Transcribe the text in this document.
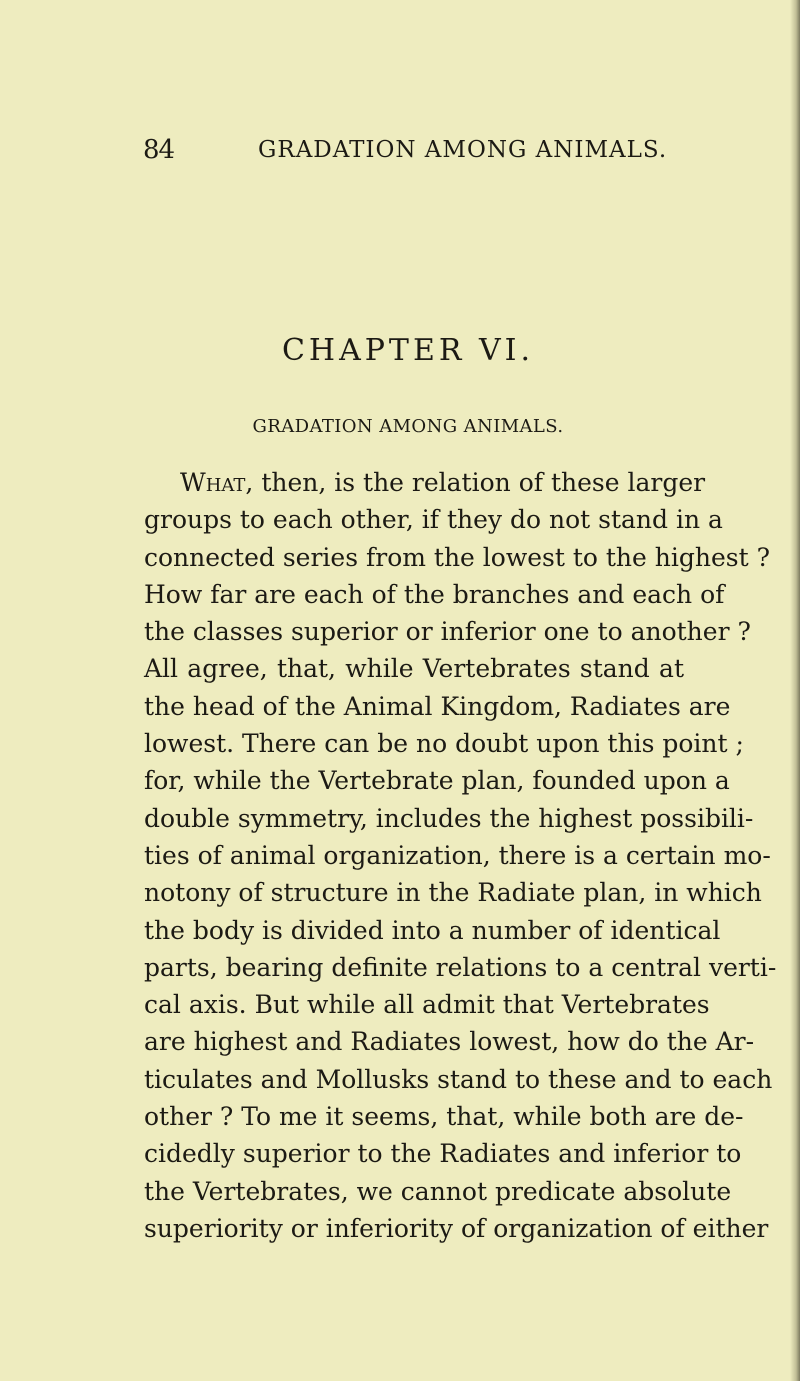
84	GRADATION AMONG ANIMALS.
CHAPTER VI.
GRADATION AMONG ANIMALS.
What, then, is the relation of these larger
groups to each other, if they do not stand in a
connected series from the lowest to the highest ?
How far are each of the branches and each of
the classes superior or inferior one to another ?
All agree, that, while Vertebrates stand at
the head of the Animal Kingdom, Radiates are
lowest. There can be no doubt upon this point ;
for, while the Vertebrate plan, founded upon a
double symmetry, includes the highest possibili-
ties of animal organization, there is a certain mo-
notony of structure in the Radiate plan, in which
the body is divided into a number of identical
parts, bearing definite relations to a central verti-
cal axis. But while all admit that Vertebrates
are highest and Radiates lowest, how do the Ar-
ticulates and Mollusks stand to these and to each
other ? To me it seems, that, while both are de-
cidedly superior to the Radiates and inferior to
the Vertebrates, we cannot predicate absolute
superiority or inferiority of organization of either
